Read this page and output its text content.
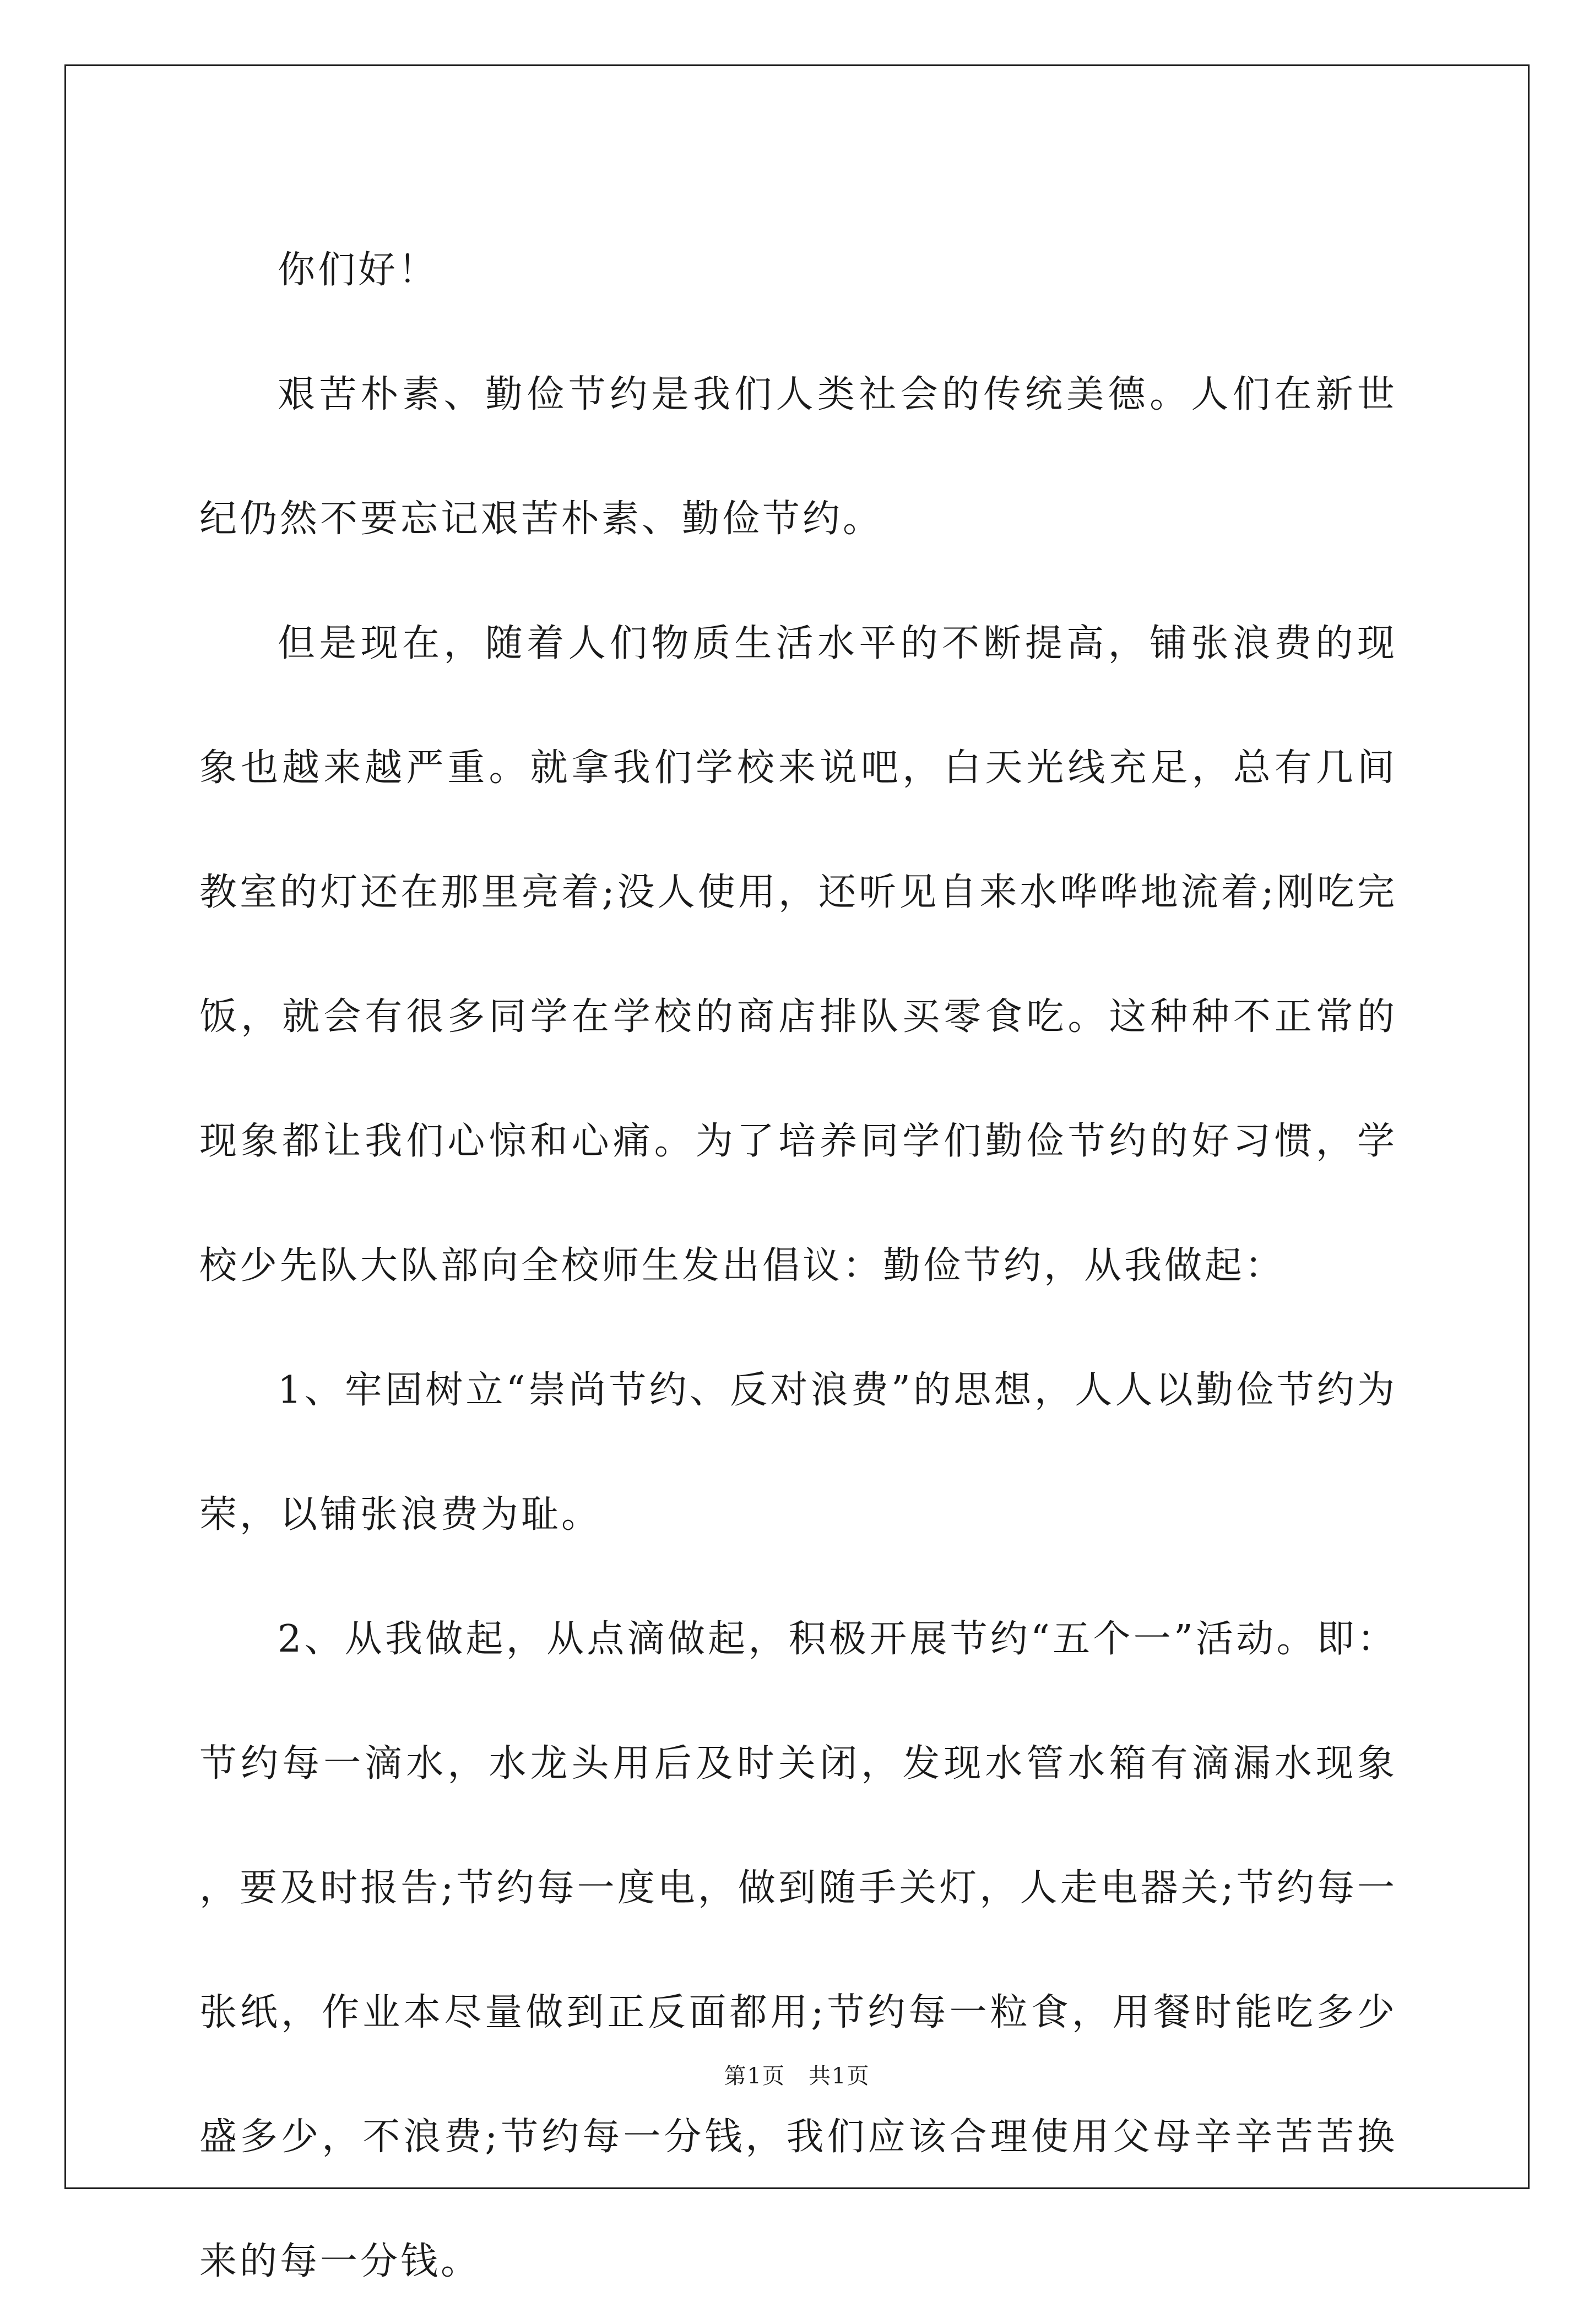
你们好！

艰苦朴素、勤俭节约是我们人类社会的传统美德。人们在新世纪仍然不要忘记艰苦朴素、勤俭节约。

但是现在，随着人们物质生活水平的不断提高，铺张浪费的现象也越来越严重。就拿我们学校来说吧，白天光线充足，总有几间教室的灯还在那里亮着;没人使用，还听见自来水哗哗地流着;刚吃完饭，就会有很多同学在学校的商店排队买零食吃。这种种不正常的现象都让我们心惊和心痛。为了培养同学们勤俭节约的好习惯，学校少先队大队部向全校师生发出倡议：勤俭节约，从我做起：

1、牢固树立“崇尚节约、反对浪费”的思想，人人以勤俭节约为荣，以铺张浪费为耻。

2、从我做起，从点滴做起，积极开展节约“五个一”活动。即：节约每一滴水，水龙头用后及时关闭，发现水管水箱有滴漏水现象，要及时报告;节约每一度电，做到随手关灯，人走电器关;节约每一张纸，作业本尽量做到正反面都用;节约每一粒食，用餐时能吃多少盛多少，不浪费;节约每一分钱，我们应该合理使用父母辛辛苦苦换来的每一分钱。

第1页　共1页
